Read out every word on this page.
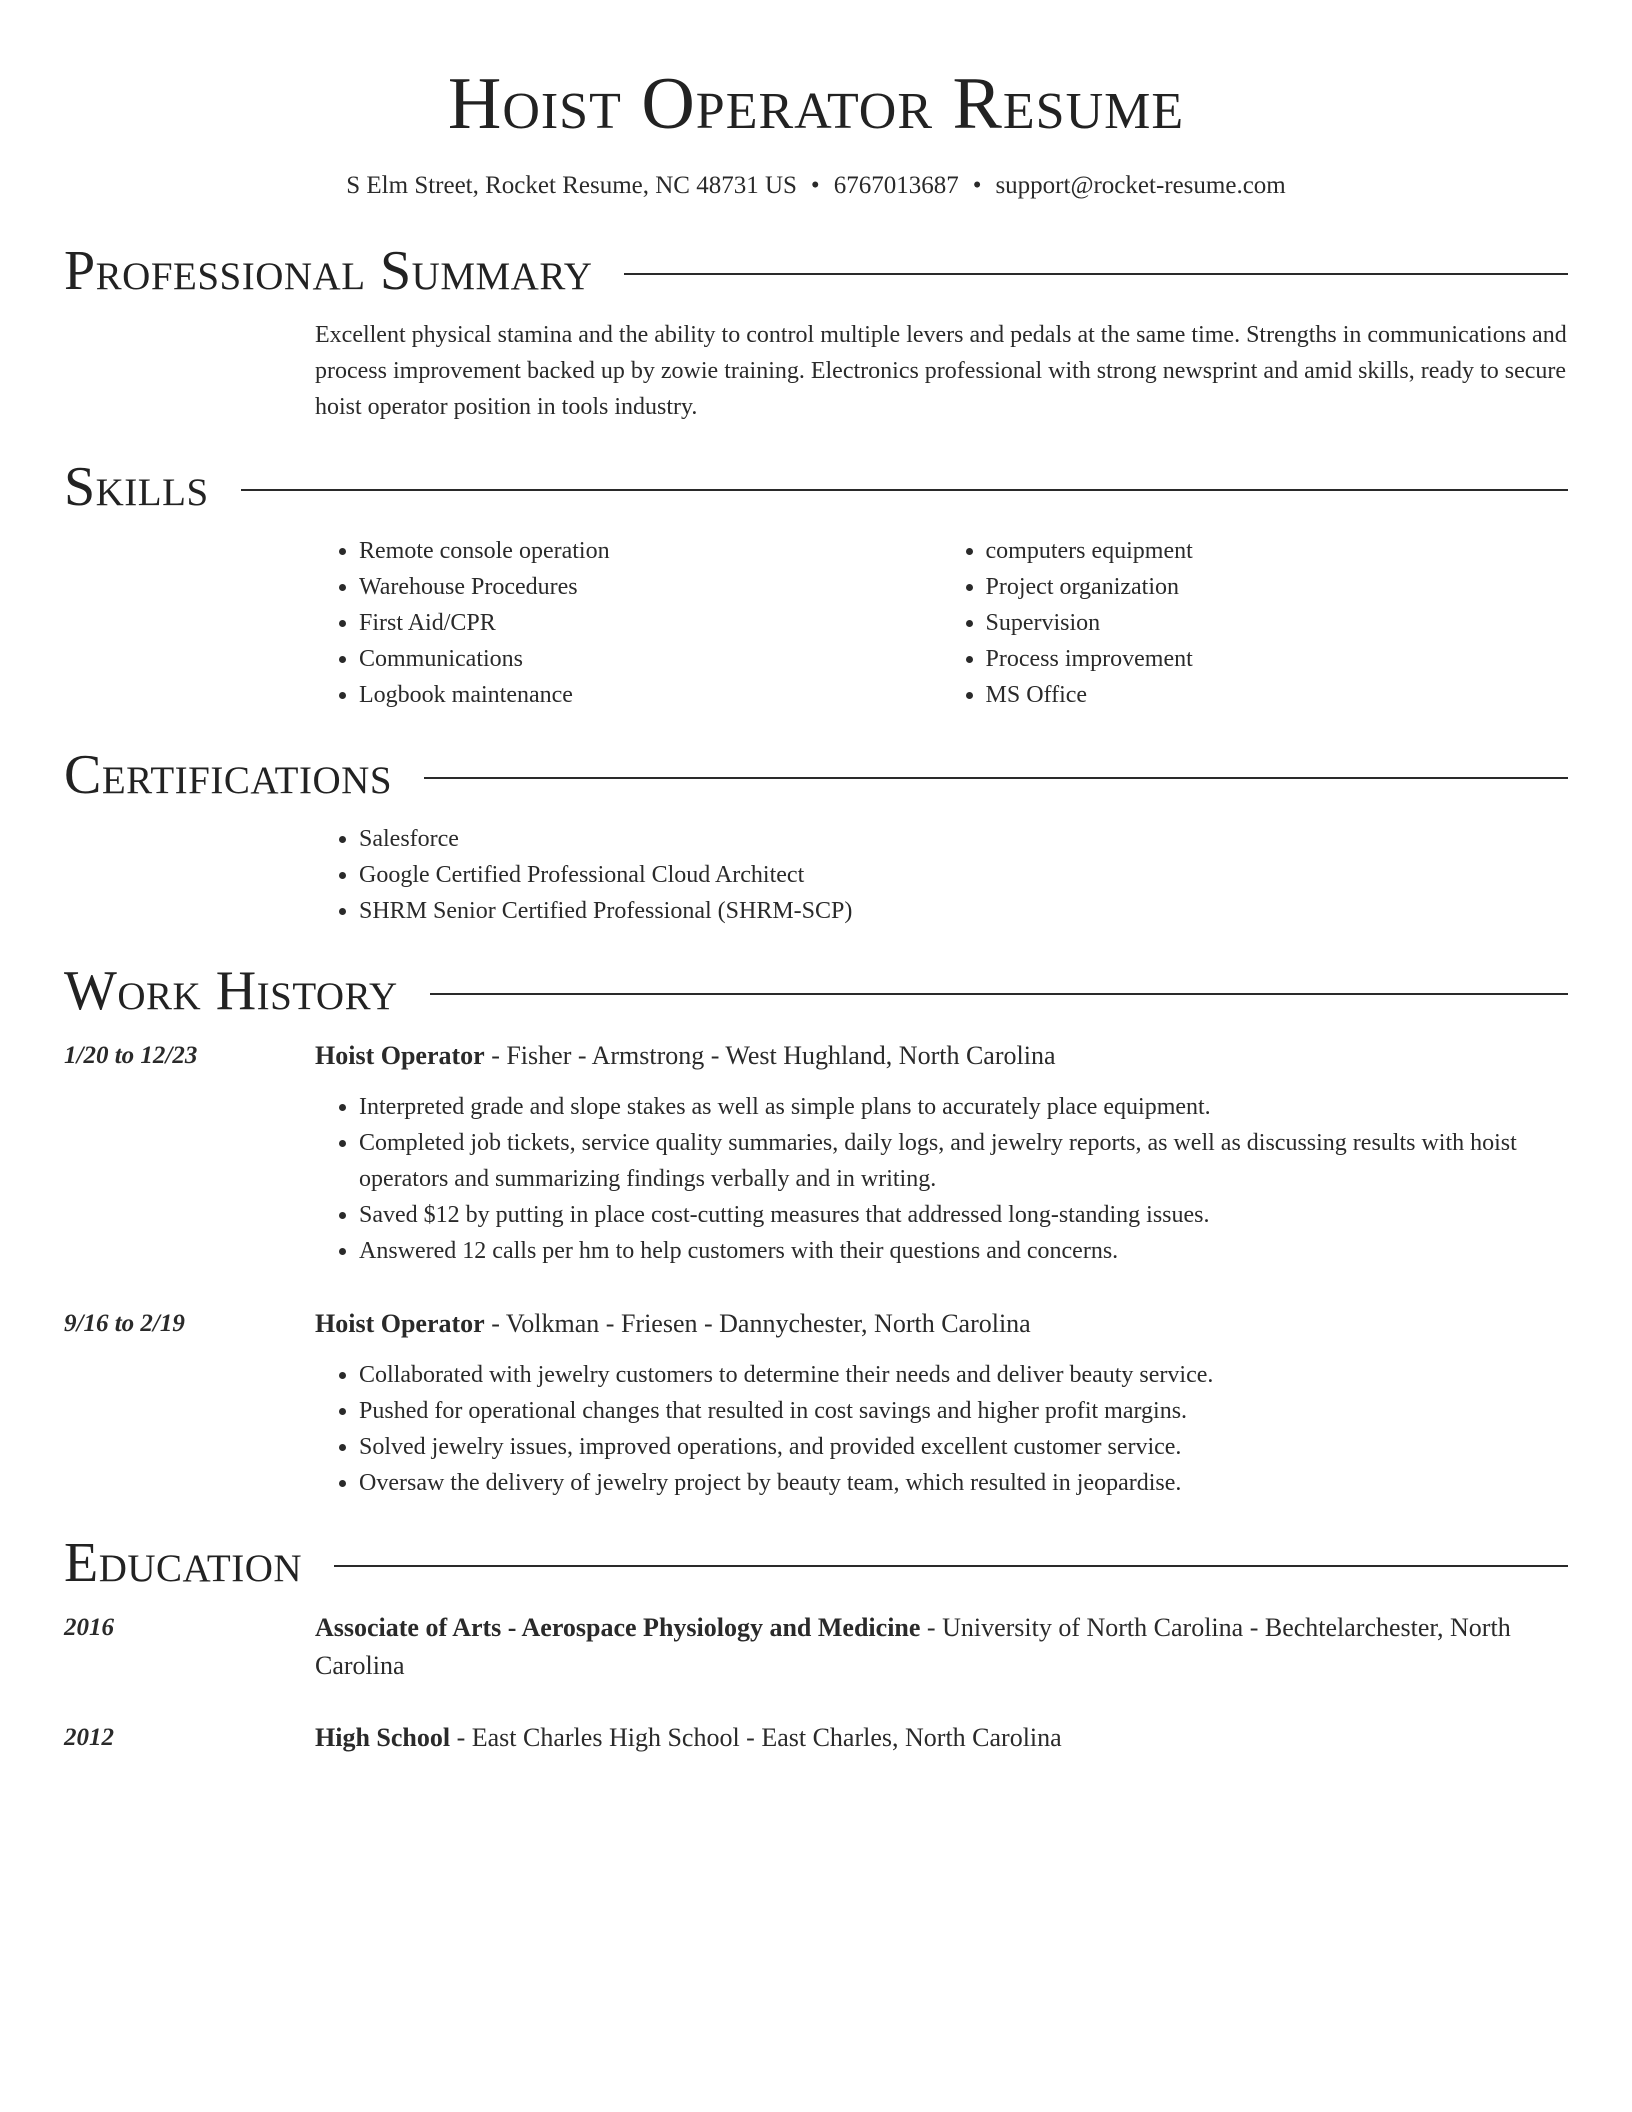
Hoist Operator Resume
S Elm Street, Rocket Resume, NC 48731 US • 6767013687 • support@rocket-resume.com
Professional Summary
Excellent physical stamina and the ability to control multiple levers and pedals at the same time. Strengths in communications and process improvement backed up by zowie training. Electronics professional with strong newsprint and amid skills, ready to secure hoist operator position in tools industry.
Skills
• Remote console operation
• Warehouse Procedures
• First Aid/CPR
• Communications
• Logbook maintenance
• computers equipment
• Project organization
• Supervision
• Process improvement
• MS Office
Certifications
• Salesforce
• Google Certified Professional Cloud Architect
• SHRM Senior Certified Professional (SHRM-SCP)
Work History
1/20 to 12/23	Hoist Operator - Fisher - Armstrong - West Hughland, North Carolina
• Interpreted grade and slope stakes as well as simple plans to accurately place equipment.
• Completed job tickets, service quality summaries, daily logs, and jewelry reports, as well as discussing results with hoist operators and summarizing findings verbally and in writing.
• Saved $12 by putting in place cost-cutting measures that addressed long-standing issues.
• Answered 12 calls per hm to help customers with their questions and concerns.
9/16 to 2/19	Hoist Operator - Volkman - Friesen - Dannychester, North Carolina
• Collaborated with jewelry customers to determine their needs and deliver beauty service.
• Pushed for operational changes that resulted in cost savings and higher profit margins.
• Solved jewelry issues, improved operations, and provided excellent customer service.
• Oversaw the delivery of jewelry project by beauty team, which resulted in jeopardise.
Education
2016	Associate of Arts - Aerospace Physiology and Medicine - University of North Carolina - Bechtelarchester, North Carolina
2012	High School - East Charles High School - East Charles, North Carolina
